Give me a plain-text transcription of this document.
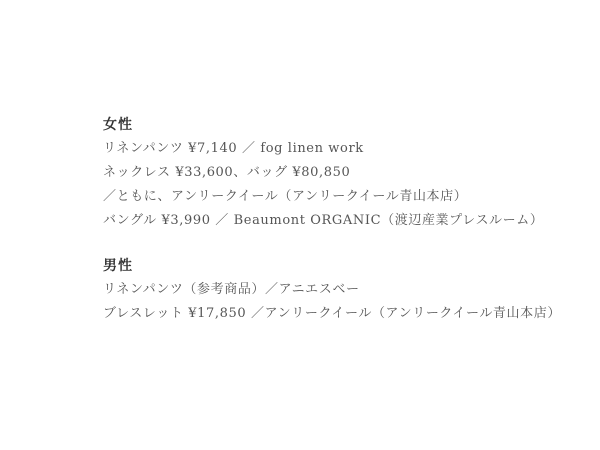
女性
リネンパンツ ¥7,140 ／ fog linen work
ネックレス ¥33,600、バッグ ¥80,850
／ともに、アンリークイール（アンリークイール青山本店）
バングル ¥3,990 ／ Beaumont ORGANIC（渡辺産業プレスルーム）
男性
リネンパンツ（参考商品）／アニエスベー
ブレスレット ¥17,850 ／アンリークイール（アンリークイール青山本店）
